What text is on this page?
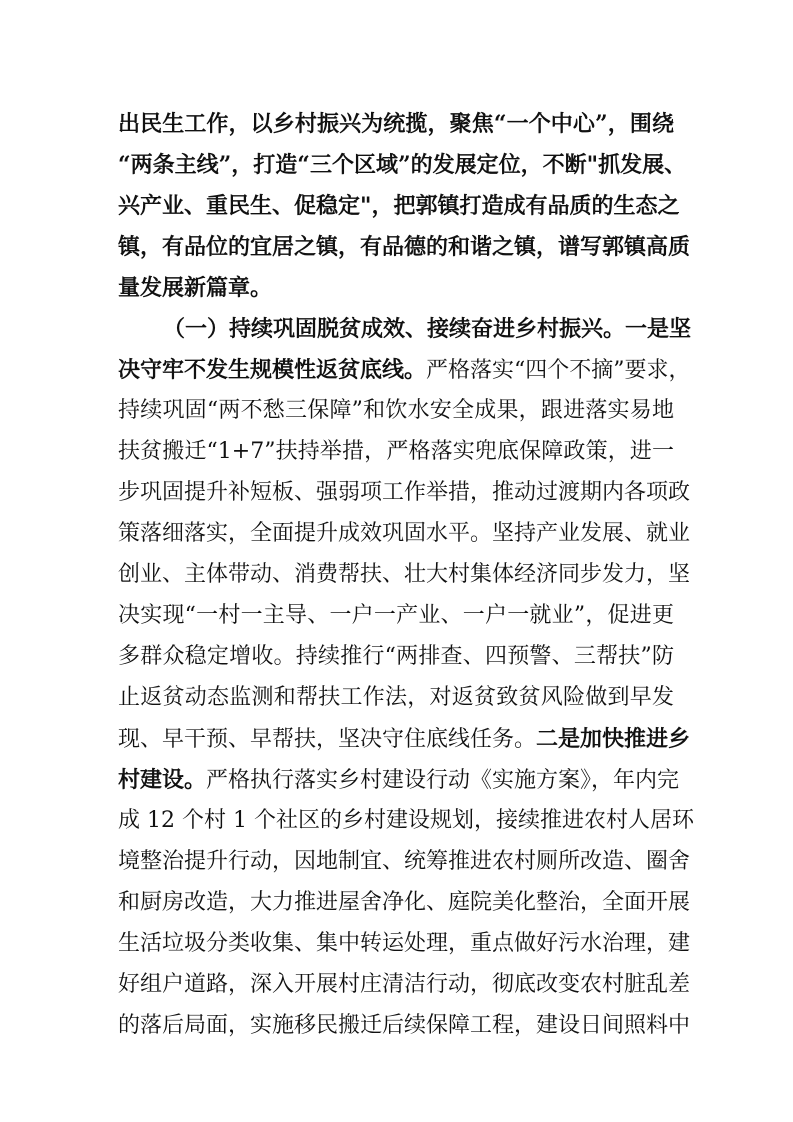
出民生工作，以乡村振兴为统揽，聚焦“一个中心”，围绕
“两条主线”，打造“三个区域”的发展定位，不断"抓发展、
兴产业、重民生、促稳定"，把郭镇打造成有品质的生态之
镇，有品位的宜居之镇，有品德的和谐之镇，谱写郭镇高质
量发展新篇章。
（一）持续巩固脱贫成效、接续奋进乡村振兴。一是坚
决守牢不发生规模性返贫底线。严格落实“四个不摘”要求，
持续巩固“两不愁三保障”和饮水安全成果，跟进落实易地
扶贫搬迁“1+7”扶持举措，严格落实兜底保障政策，进一
步巩固提升补短板、强弱项工作举措，推动过渡期内各项政
策落细落实，全面提升成效巩固水平。坚持产业发展、就业
创业、主体带动、消费帮扶、壮大村集体经济同步发力，坚
决实现“一村一主导、一户一产业、一户一就业”，促进更
多群众稳定增收。持续推行“两排查、四预警、三帮扶”防
止返贫动态监测和帮扶工作法，对返贫致贫风险做到早发
现、早干预、早帮扶，坚决守住底线任务。二是加快推进乡
村建设。严格执行落实乡村建设行动《实施方案》，年内完
成 12 个村 1 个社区的乡村建设规划，接续推进农村人居环
境整治提升行动，因地制宜、统筹推进农村厕所改造、圈舍
和厨房改造，大力推进屋舍净化、庭院美化整治，全面开展
生活垃圾分类收集、集中转运处理，重点做好污水治理，建
好组户道路，深入开展村庄清洁行动，彻底改变农村脏乱差
的落后局面，实施移民搬迁后续保障工程，建设日间照料中
